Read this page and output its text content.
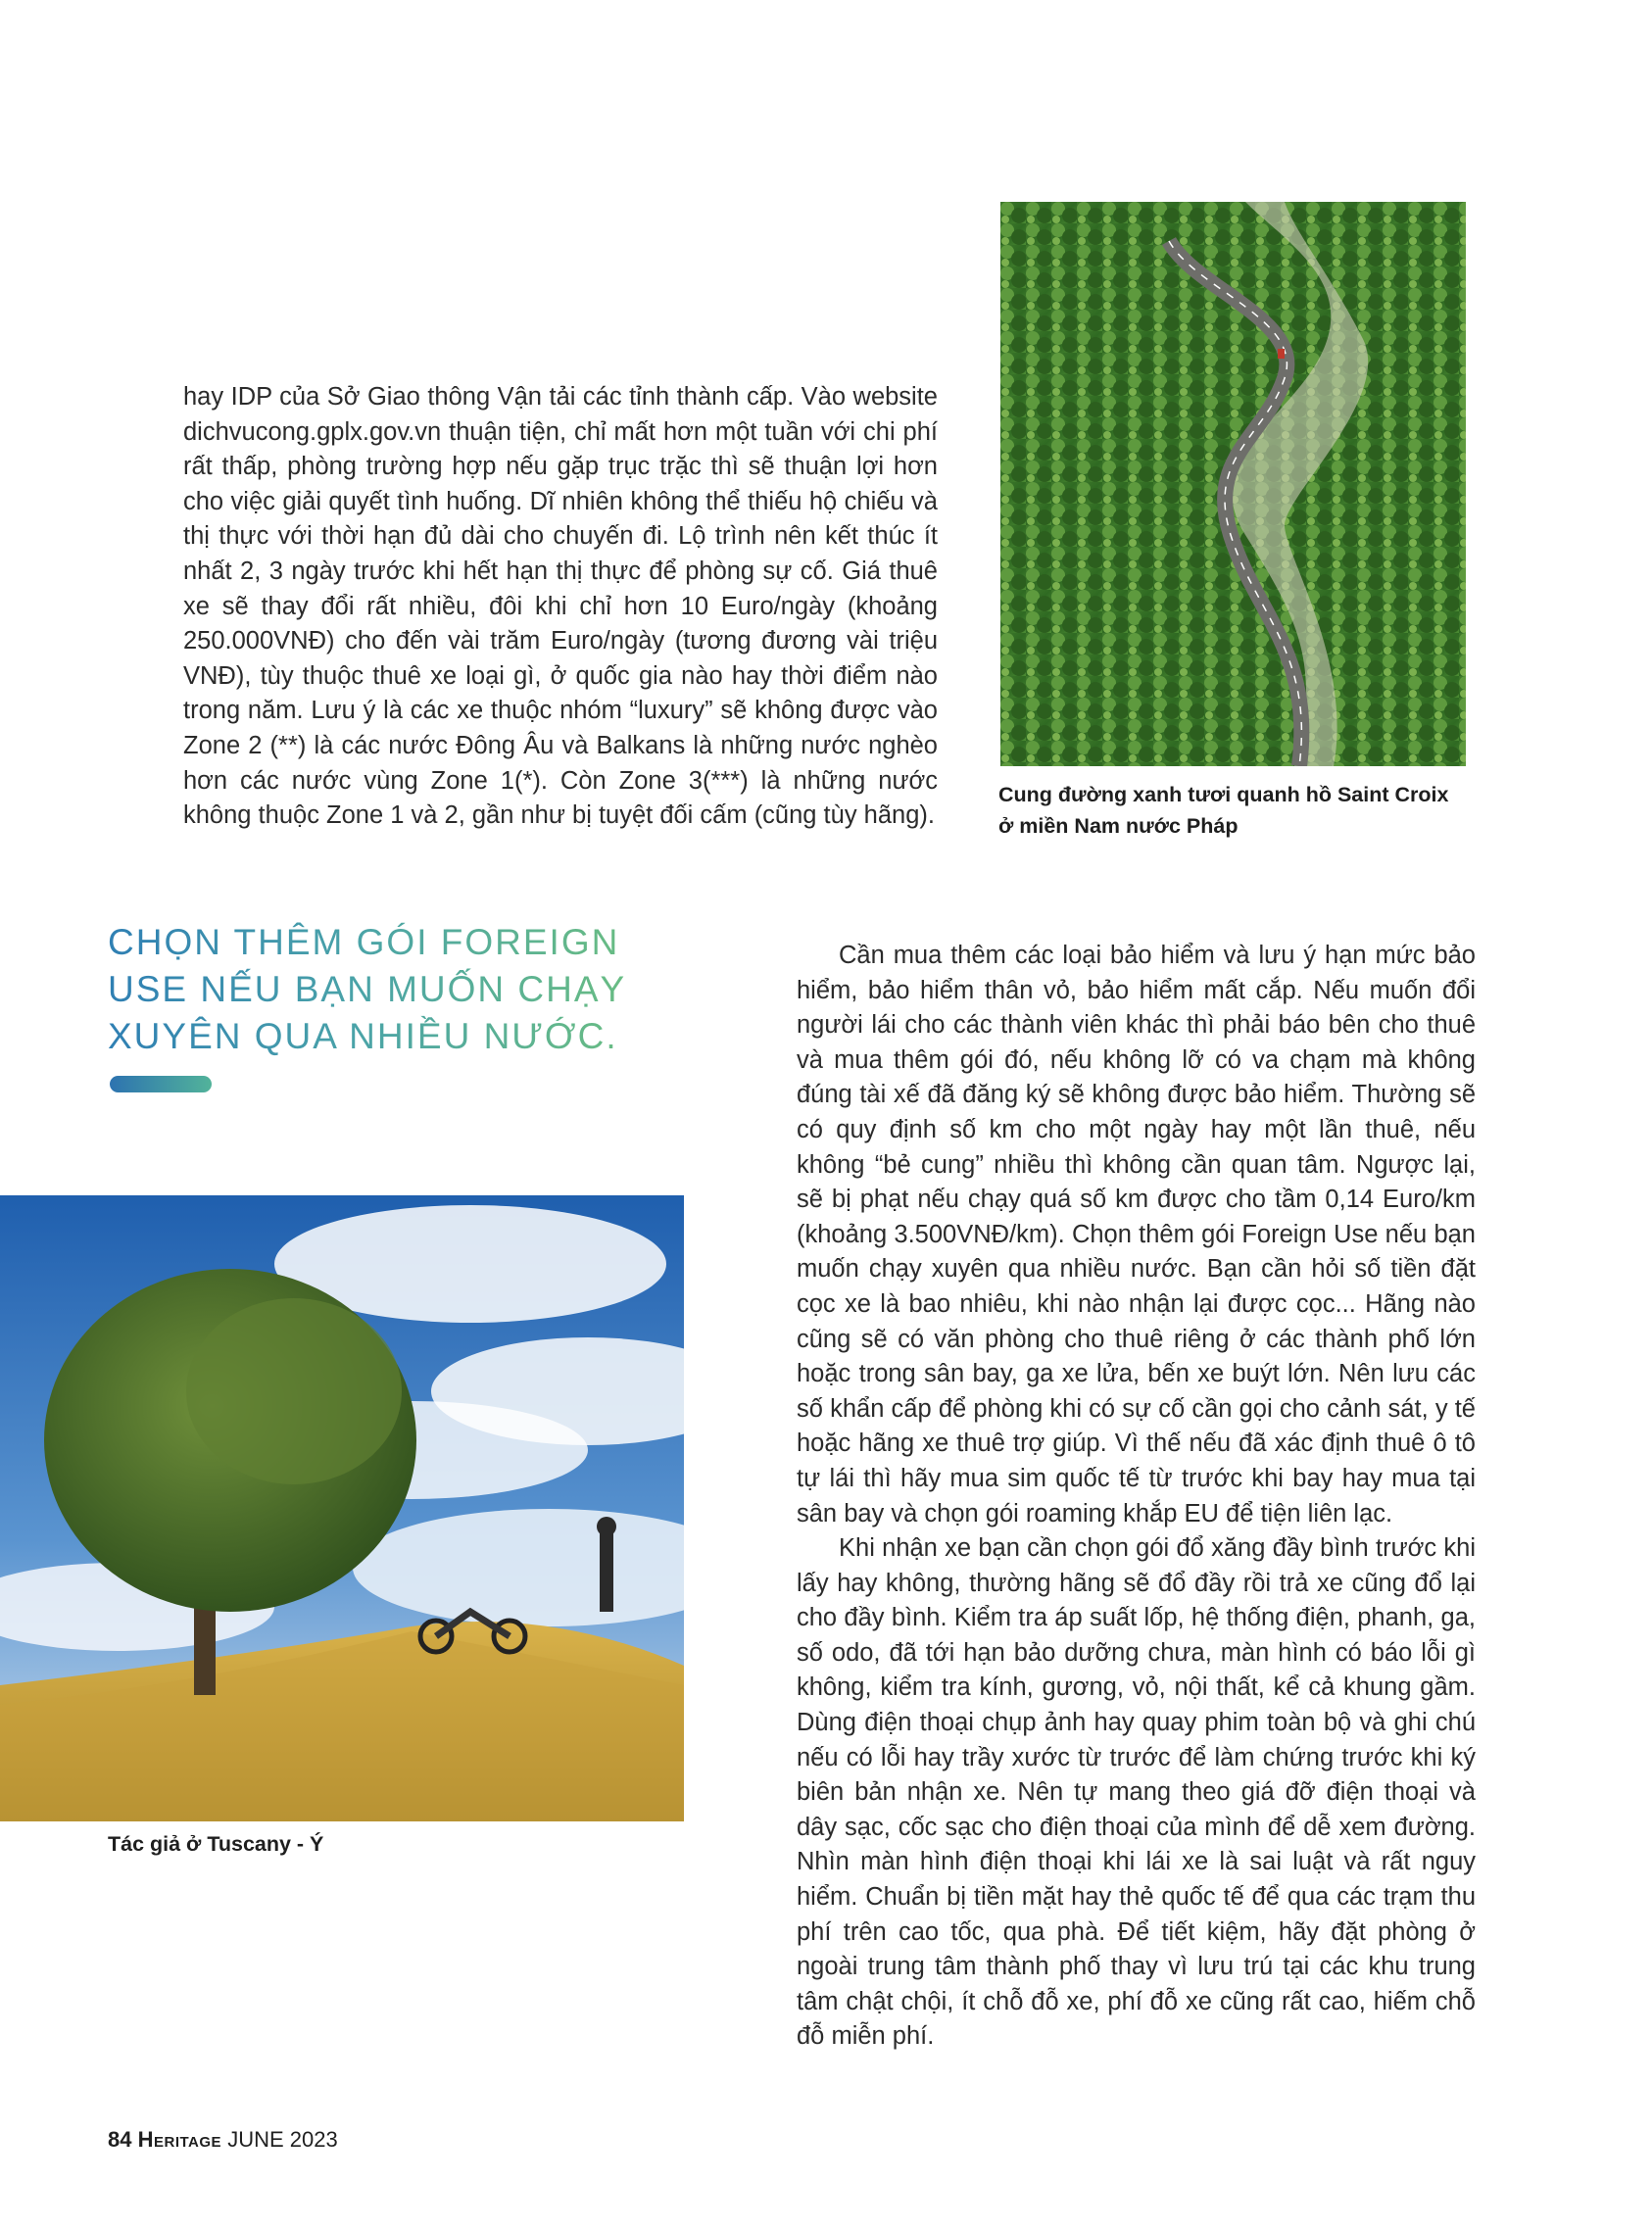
hay IDP của Sở Giao thông Vận tải các tỉnh thành cấp. Vào website dichvucong.gplx.gov.vn thuận tiện, chỉ mất hơn một tuần với chi phí rất thấp, phòng trường hợp nếu gặp trục trặc thì sẽ thuận lợi hơn cho việc giải quyết tình huống. Dĩ nhiên không thể thiếu hộ chiếu và thị thực với thời hạn đủ dài cho chuyến đi. Lộ trình nên kết thúc ít nhất 2, 3 ngày trước khi hết hạn thị thực để phòng sự cố. Giá thuê xe sẽ thay đổi rất nhiều, đôi khi chỉ hơn 10 Euro/ngày (khoảng 250.000VNĐ) cho đến vài trăm Euro/ngày (tương đương vài triệu VNĐ), tùy thuộc thuê xe loại gì, ở quốc gia nào hay thời điểm nào trong năm. Lưu ý là các xe thuộc nhóm “luxury” sẽ không được vào Zone 2 (**) là các nước Đông Âu và Balkans là những nước nghèo hơn các nước vùng Zone 1(*). Còn Zone 3(***) là những nước không thuộc Zone 1 và 2, gần như bị tuyệt đối cấm (cũng tùy hãng).

Cung đường xanh tươi quanh hồ Saint Croix ở miền Nam nước Pháp

CHỌN THÊM GÓI FOREIGN USE NẾU BẠN MUỐN CHẠY XUYÊN QUA NHIỀU NƯỚC.

Cần mua thêm các loại bảo hiểm và lưu ý hạn mức bảo hiểm, bảo hiểm thân vỏ, bảo hiểm mất cắp. Nếu muốn đổi người lái cho các thành viên khác thì phải báo bên cho thuê và mua thêm gói đó, nếu không lỡ có va chạm mà không đúng tài xế đã đăng ký sẽ không được bảo hiểm. Thường sẽ có quy định số km cho một ngày hay một lần thuê, nếu không “bẻ cung” nhiều thì không cần quan tâm. Ngược lại, sẽ bị phạt nếu chạy quá số km được cho tầm 0,14 Euro/km (khoảng 3.500VNĐ/km). Chọn thêm gói Foreign Use nếu bạn muốn chạy xuyên qua nhiều nước. Bạn cần hỏi số tiền đặt cọc xe là bao nhiêu, khi nào nhận lại được cọc... Hãng nào cũng sẽ có văn phòng cho thuê riêng ở các thành phố lớn hoặc trong sân bay, ga xe lửa, bến xe buýt lớn. Nên lưu các số khẩn cấp để phòng khi có sự cố cần gọi cho cảnh sát, y tế hoặc hãng xe thuê trợ giúp. Vì thế nếu đã xác định thuê ô tô tự lái thì hãy mua sim quốc tế từ trước khi bay hay mua tại sân bay và chọn gói roaming khắp EU để tiện liên lạc.

Khi nhận xe bạn cần chọn gói đổ xăng đầy bình trước khi lấy hay không, thường hãng sẽ đổ đầy rồi trả xe cũng đổ lại cho đầy bình. Kiểm tra áp suất lốp, hệ thống điện, phanh, ga, số odo, đã tới hạn bảo dưỡng chưa, màn hình có báo lỗi gì không, kiểm tra kính, gương, vỏ, nội thất, kể cả khung gầm. Dùng điện thoại chụp ảnh hay quay phim toàn bộ và ghi chú nếu có lỗi hay trầy xước từ trước để làm chứng trước khi ký biên bản nhận xe. Nên tự mang theo giá đỡ điện thoại và dây sạc, cốc sạc cho điện thoại của mình để dễ xem đường. Nhìn màn hình điện thoại khi lái xe là sai luật và rất nguy hiểm. Chuẩn bị tiền mặt hay thẻ quốc tế để qua các trạm thu phí trên cao tốc, qua phà. Để tiết kiệm, hãy đặt phòng ở ngoài trung tâm thành phố thay vì lưu trú tại các khu trung tâm chật chội, ít chỗ đỗ xe, phí đỗ xe cũng rất cao, hiếm chỗ đỗ miễn phí.

Tác giả ở Tuscany - Ý

84 Heritage JUNE 2023
